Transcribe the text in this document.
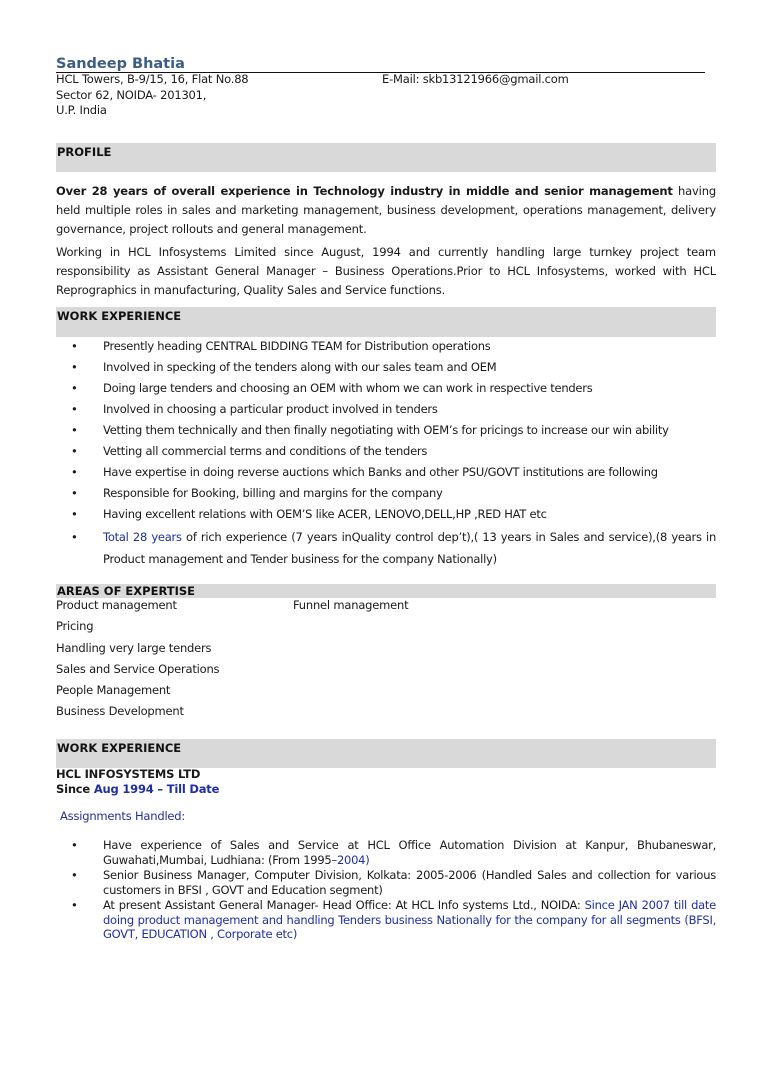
Sandeep Bhatia
HCL Towers, B-9/15, 16, Flat No.88	E-Mail: skb13121966@gmail.com
Sector 62, NOIDA- 201301,
U.P. India
PROFILE
Over 28 years of overall experience in Technology industry in middle and senior management having held multiple roles in sales and marketing management, business development, operations management, delivery governance, project rollouts and general management.
Working in HCL Infosystems Limited since August, 1994 and currently handling large turnkey project team responsibility as Assistant General Manager – Business Operations.Prior to HCL Infosystems, worked with HCL Reprographics in manufacturing, Quality Sales and Service functions.
WORK EXPERIENCE
• Presently heading CENTRAL BIDDING TEAM for Distribution operations
• Involved in specking of the tenders along with our sales team and OEM
• Doing large tenders and choosing an OEM with whom we can work in respective tenders
• Involved in choosing a particular product involved in tenders
• Vetting them technically and then finally negotiating with OEM’s for pricings to increase our win ability
• Vetting all commercial terms and conditions of the tenders
• Have expertise in doing reverse auctions which Banks and other PSU/GOVT institutions are following
• Responsible for Booking, billing and margins for the company
• Having excellent relations with OEM’S like ACER, LENOVO,DELL,HP ,RED HAT etc
• Total 28 years of rich experience (7 years inQuality control dep’t),( 13 years in Sales and service),(8 years in Product management and Tender business for the company Nationally)
AREAS OF EXPERTISE
Product management	Funnel management
Pricing
Handling very large tenders
Sales and Service Operations
People Management
Business Development
WORK EXPERIENCE
HCL INFOSYSTEMS LTD
Since Aug 1994 – Till Date
Assignments Handled:
• Have experience of Sales and Service at HCL Office Automation Division at Kanpur, Bhubaneswar, Guwahati,Mumbai, Ludhiana: (From 1995–2004)
• Senior Business Manager, Computer Division, Kolkata: 2005-2006 (Handled Sales and collection for various customers in BFSI , GOVT and Education segment)
• At present Assistant General Manager- Head Office: At HCL Info systems Ltd., NOIDA: Since JAN 2007 till date doing product management and handling Tenders business Nationally for the company for all segments (BFSI, GOVT, EDUCATION , Corporate etc)
